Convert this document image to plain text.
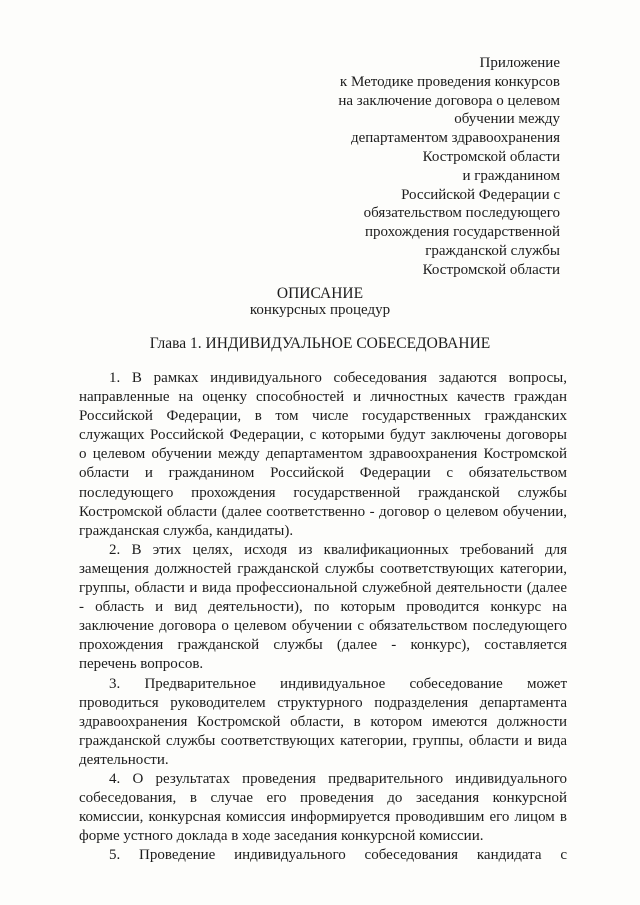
Приложение
к Методике проведения конкурсов
на заключение договора о целевом
обучении между
департаментом здравоохранения
Костромской области
и гражданином
Российской Федерации с
обязательством последующего
прохождения государственной
гражданской службы
Костромской области
ОПИСАНИЕ
конкурсных процедур
Глава 1. ИНДИВИДУАЛЬНОЕ СОБЕСЕДОВАНИЕ
1. В рамках индивидуального собеседования задаются вопросы,
направленные на оценку способностей и личностных качеств граждан
Российской Федерации, в том числе государственных гражданских
служащих Российской Федерации, с которыми будут заключены договоры
о целевом обучении между департаментом здравоохранения Костромской
области и гражданином Российской Федерации с обязательством
последующего прохождения государственной гражданской службы
Костромской области (далее соответственно - договор о целевом обучении,
гражданская служба, кандидаты).
2. В этих целях, исходя из квалификационных требований для
замещения должностей гражданской службы соответствующих категории,
группы, области и вида профессиональной служебной деятельности (далее
- область и вид деятельности), по которым проводится конкурс на
заключение договора о целевом обучении с обязательством последующего
прохождения гражданской службы (далее - конкурс), составляется
перечень вопросов.
3. Предварительное индивидуальное собеседование может
проводиться руководителем структурного подразделения департамента
здравоохранения Костромской области, в котором имеются должности
гражданской службы соответствующих категории, группы, области и вида
деятельности.
4. О результатах проведения предварительного индивидуального
собеседования, в случае его проведения до заседания конкурсной
комиссии, конкурсная комиссия информируется проводившим его лицом в
форме устного доклада в ходе заседания конкурсной комиссии.
5. Проведение индивидуального собеседования кандидата с
